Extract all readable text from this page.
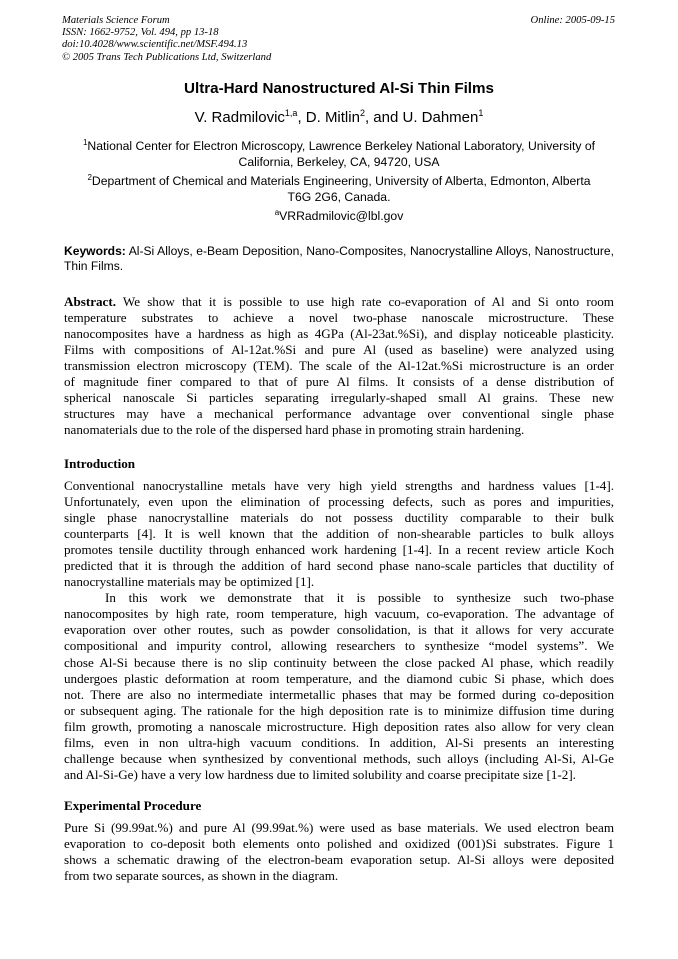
Materials Science Forum
ISSN: 1662-9752, Vol. 494, pp 13-18
doi:10.4028/www.scientific.net/MSF.494.13
© 2005 Trans Tech Publications Ltd, Switzerland
Online: 2005-09-15
Ultra-Hard Nanostructured Al-Si Thin Films
V. Radmilovic$^{1,a}$, D. Mitlin$^2$, and U. Dahmen$^1$
$^1$National Center for Electron Microscopy, Lawrence Berkeley National Laboratory, University of
California, Berkeley, CA, 94720, USA
$^2$Department of Chemical and Materials Engineering, University of Alberta, Edmonton, Alberta
T6G 2G6, Canada.
$^a$VRRadmilovic@lbl.gov
Keywords: Al-Si Alloys, e-Beam Deposition, Nano-Composites, Nanocrystalline Alloys, Nanostructure, Thin Films.
Abstract. We show that it is possible to use high rate co-evaporation of Al and Si onto room
temperature substrates to achieve a novel two-phase nanoscale microstructure. These
nanocomposites have a hardness as high as 4GPa (Al-23at.%Si), and display noticeable plasticity.
Films with compositions of Al-12at.%Si and pure Al (used as baseline) were analyzed using
transmission electron microscopy (TEM). The scale of the Al-12at.%Si microstructure is an order
of magnitude finer compared to that of pure Al films. It consists of a dense distribution of
spherical nanoscale Si particles separating irregularly-shaped small Al grains. These new
structures may have a mechanical performance advantage over conventional single phase
nanomaterials due to the role of the dispersed hard phase in promoting strain hardening.
Introduction
Conventional nanocrystalline metals have very high yield strengths and hardness values [1-4].
Unfortunately, even upon the elimination of processing defects, such as pores and impurities,
single phase nanocrystalline materials do not possess ductility comparable to their bulk
counterparts [4]. It is well known that the addition of non-shearable particles to bulk alloys
promotes tensile ductility through enhanced work hardening [1-4]. In a recent review article Koch
predicted that it is through the addition of hard second phase nano-scale particles that ductility of
nanocrystalline materials may be optimized [1].
In this work we demonstrate that it is possible to synthesize such two-phase
nanocomposites by high rate, room temperature, high vacuum, co-evaporation. The advantage of
evaporation over other routes, such as powder consolidation, is that it allows for very accurate
compositional and impurity control, allowing researchers to synthesize “model systems”. We
chose Al-Si because there is no slip continuity between the close packed Al phase, which readily
undergoes plastic deformation at room temperature, and the diamond cubic Si phase, which does
not. There are also no intermediate intermetallic phases that may be formed during co-deposition
or subsequent aging. The rationale for the high deposition rate is to minimize diffusion time during
film growth, promoting a nanoscale microstructure. High deposition rates also allow for very clean
films, even in non ultra-high vacuum conditions. In addition, Al-Si presents an interesting
challenge because when synthesized by conventional methods, such alloys (including Al-Si, Al-Ge
and Al-Si-Ge) have a very low hardness due to limited solubility and coarse precipitate size [1-2].
Experimental Procedure
Pure Si (99.99at.%) and pure Al (99.99at.%) were used as base materials. We used electron beam
evaporation to co-deposit both elements onto polished and oxidized (001)Si substrates. Figure 1
shows a schematic drawing of the electron-beam evaporation setup. Al-Si alloys were deposited
from two separate sources, as shown in the diagram.
